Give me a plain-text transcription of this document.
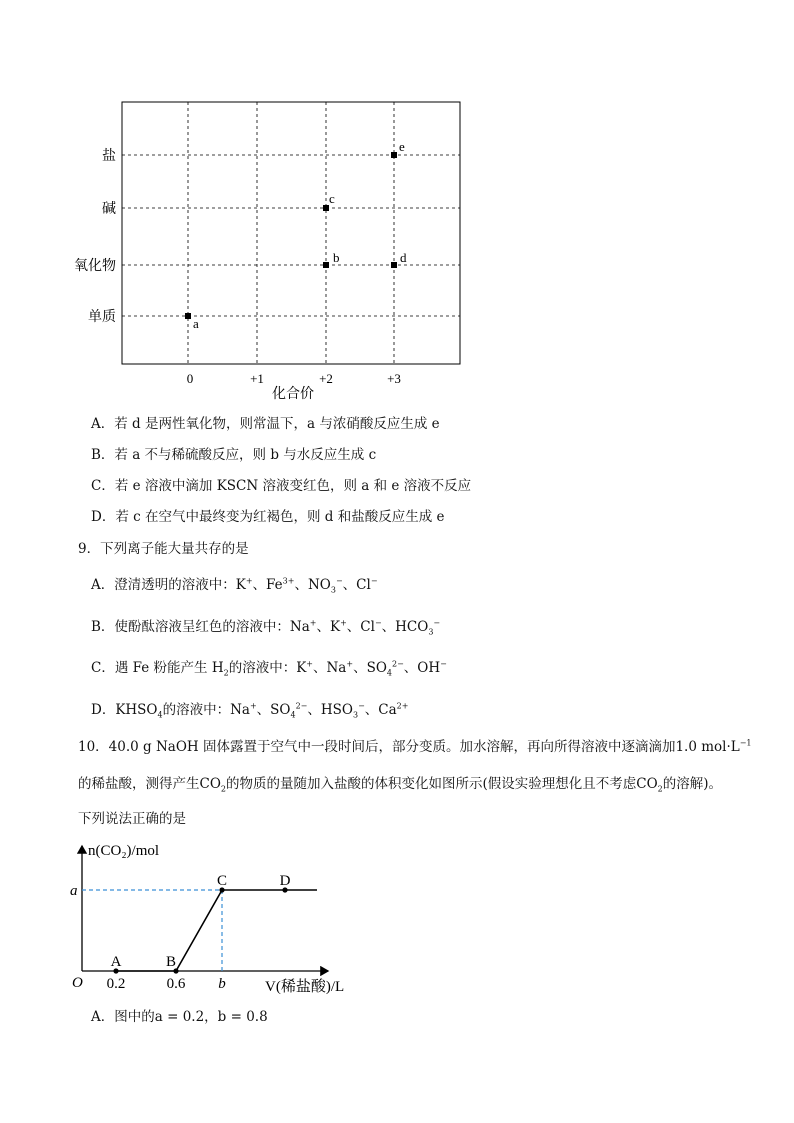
盐
碱
氧化物
单质
0	+1	+2	+3
化合价
a
b
c
d
e
A．若 d 是两性氧化物，则常温下，a 与浓硝酸反应生成 e
B．若 a 不与稀硫酸反应，则 b 与水反应生成 c
C．若 e 溶液中滴加 KSCN 溶液变红色，则 a 和 e 溶液不反应
D．若 c 在空气中最终变为红褐色，则 d 和盐酸反应生成 e
9．下列离子能大量共存的是
A．澄清透明的溶液中：K+、$Fe^{3+}$、$NO_3^-$、Cl−
B．使酚酞溶液呈红色的溶液中：Na+、K+、Cl−、$HCO_3^-$
C．遇 Fe 粉能产生 $H_2$的溶液中：K+、Na+、$SO_4^{2-}$、OH−
D．$KHSO_4$的溶液中：Na+、$SO_4^{2-}$、$HSO_3^-$、$Ca^{2+}$
10．40.0 g NaOH 固体露置于空气中一段时间后，部分变质。加水溶解，再向所得溶液中逐滴滴加1.0 $mol\cdot L^{-1}$
的稀盐酸，测得产生$CO_2$的物质的量随加入盐酸的体积变化如图所示(假设实验理想化且不考虑$CO_2$的溶解)。
下列说法正确的是
n(CO₂)/mol
V(稀盐酸)/L
O
a
0.2	0.6 b
A	B
C	D
A．图中的a = 0.2，b = 0.8
